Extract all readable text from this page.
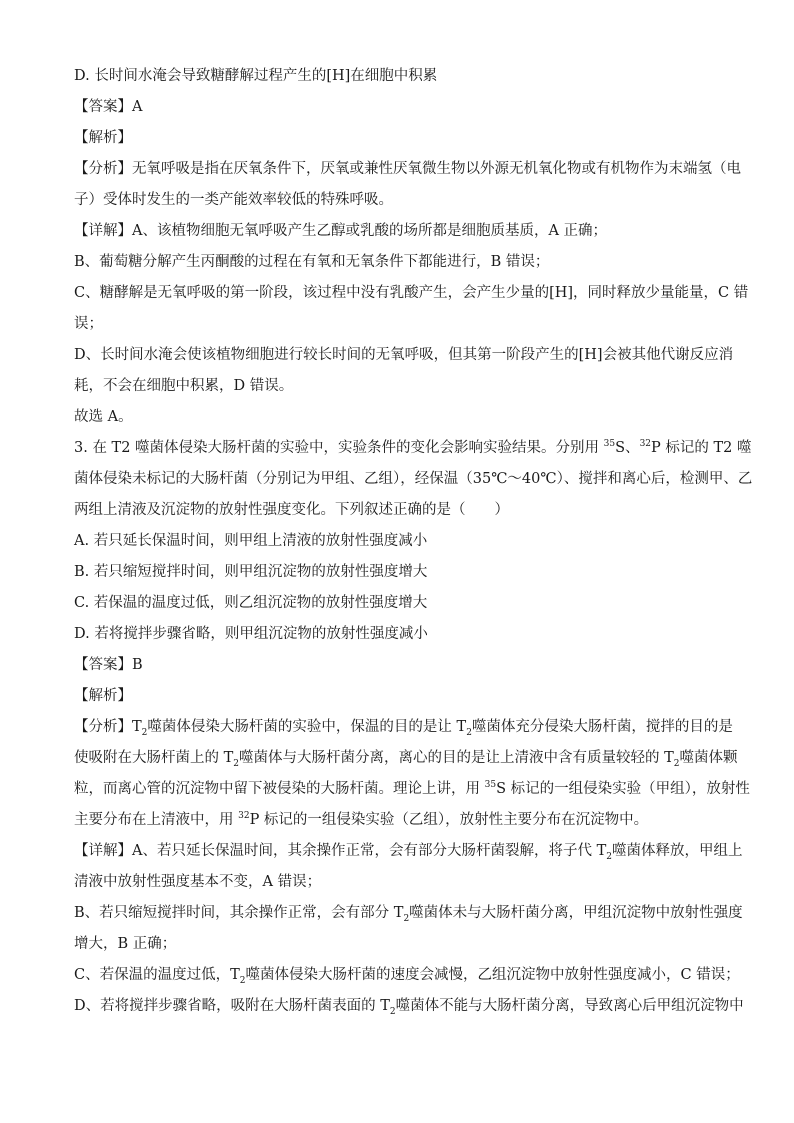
D. 长时间水淹会导致糖酵解过程产生的[H]在细胞中积累
【答案】A
【解析】
【分析】无氧呼吸是指在厌氧条件下，厌氧或兼性厌氧微生物以外源无机氧化物或有机物作为末端氢（电
子）受体时发生的一类产能效率较低的特殊呼吸。
【详解】A、该植物细胞无氧呼吸产生乙醇或乳酸的场所都是细胞质基质，A 正确；
B、葡萄糖分解产生丙酮酸的过程在有氧和无氧条件下都能进行，B 错误；
C、糖酵解是无氧呼吸的第一阶段，该过程中没有乳酸产生，会产生少量的[H]，同时释放少量能量，C 错
误；
D、长时间水淹会使该植物细胞进行较长时间的无氧呼吸，但其第一阶段产生的[H]会被其他代谢反应消
耗，不会在细胞中积累，D 错误。
故选 A。
3. 在 T2 噬菌体侵染大肠杆菌的实验中，实验条件的变化会影响实验结果。分别用 $^{35}$S、$^{32}$P 标记的 T2 噬
菌体侵染未标记的大肠杆菌（分别记为甲组、乙组），经保温（35℃～40℃）、搅拌和离心后，检测甲、乙
两组上清液及沉淀物的放射性强度变化。下列叙述正确的是（　　）
A. 若只延长保温时间，则甲组上清液的放射性强度减小
B. 若只缩短搅拌时间，则甲组沉淀物的放射性强度增大
C. 若保温的温度过低，则乙组沉淀物的放射性强度增大
D. 若将搅拌步骤省略，则甲组沉淀物的放射性强度减小
【答案】B
【解析】
【分析】$T_2$噬菌体侵染大肠杆菌的实验中，保温的目的是让 $T_2$噬菌体充分侵染大肠杆菌，搅拌的目的是
使吸附在大肠杆菌上的 $T_2$噬菌体与大肠杆菌分离，离心的目的是让上清液中含有质量较轻的 $T_2$噬菌体颗
粒，而离心管的沉淀物中留下被侵染的大肠杆菌。理论上讲，用 $^{35}$S 标记的一组侵染实验（甲组），放射性
主要分布在上清液中，用 $^{32}$P 标记的一组侵染实验（乙组），放射性主要分布在沉淀物中。
【详解】A、若只延长保温时间，其余操作正常，会有部分大肠杆菌裂解，将子代 $T_2$噬菌体释放，甲组上
清液中放射性强度基本不变，A 错误；
B、若只缩短搅拌时间，其余操作正常，会有部分 $T_2$噬菌体未与大肠杆菌分离，甲组沉淀物中放射性强度
增大，B 正确；
C、若保温的温度过低，$T_2$噬菌体侵染大肠杆菌的速度会减慢，乙组沉淀物中放射性强度减小，C 错误；
D、若将搅拌步骤省略，吸附在大肠杆菌表面的 $T_2$噬菌体不能与大肠杆菌分离，导致离心后甲组沉淀物中
